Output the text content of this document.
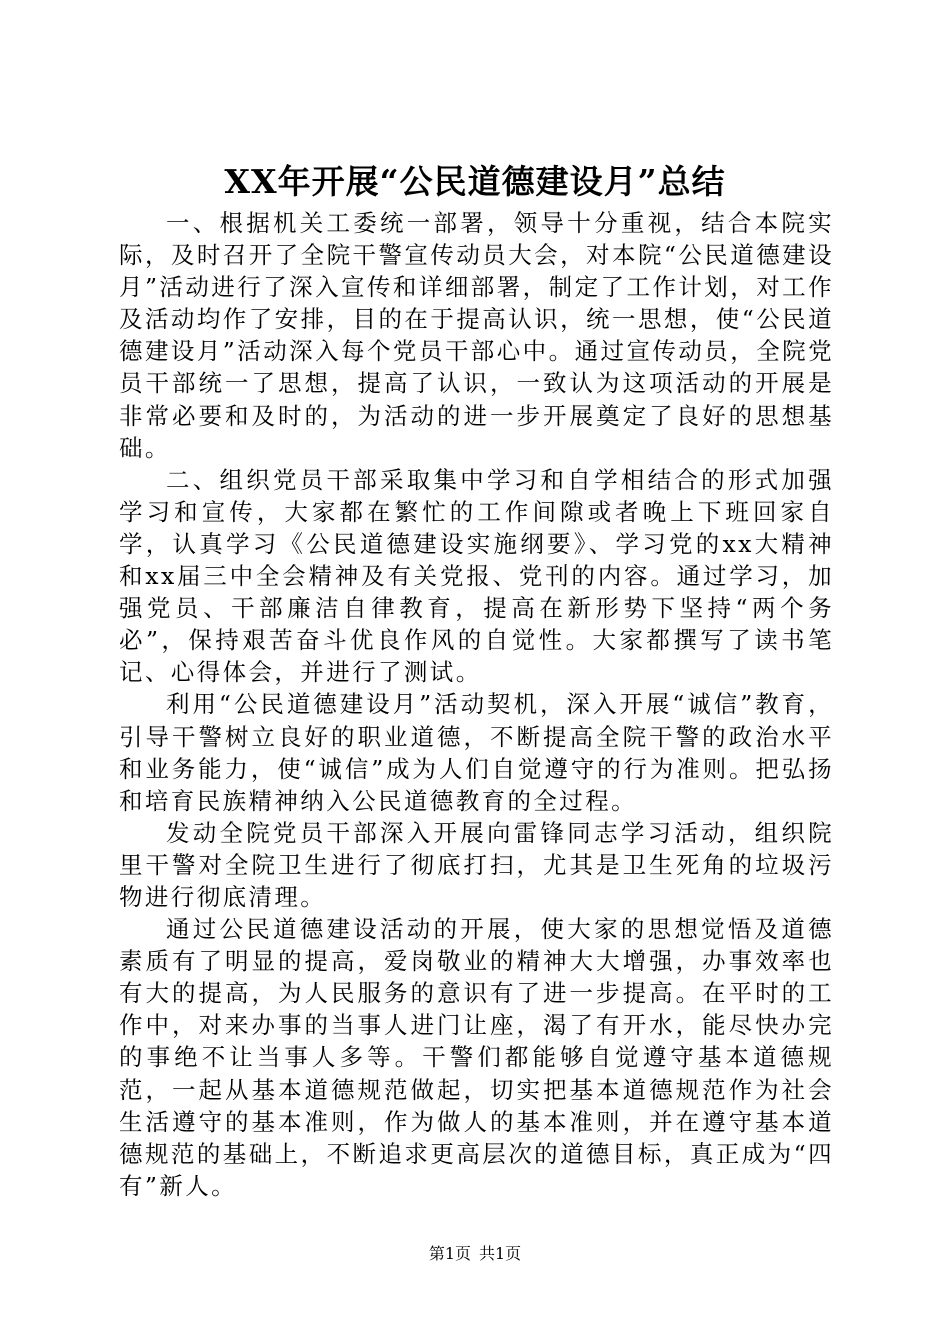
XX年开展“公民道德建设月”总结

一、根据机关工委统一部署，领导十分重视，结合本院实际，及时召开了全院干警宣传动员大会，对本院“公民道德建设月”活动进行了深入宣传和详细部署，制定了工作计划，对工作及活动均作了安排，目的在于提高认识，统一思想，使“公民道德建设月”活动深入每个党员干部心中。通过宣传动员，全院党员干部统一了思想，提高了认识，一致认为这项活动的开展是非常必要和及时的，为活动的进一步开展奠定了良好的思想基础。

二、组织党员干部采取集中学习和自学相结合的形式加强学习和宣传，大家都在繁忙的工作间隙或者晚上下班回家自学，认真学习《公民道德建设实施纲要》、学习党的xx大精神和xx届三中全会精神及有关党报、党刊的内容。通过学习，加强党员、干部廉洁自律教育，提高在新形势下坚持“两个务必”，保持艰苦奋斗优良作风的自觉性。大家都撰写了读书笔记、心得体会，并进行了测试。

利用“公民道德建设月”活动契机，深入开展“诚信”教育，引导干警树立良好的职业道德，不断提高全院干警的政治水平和业务能力，使“诚信”成为人们自觉遵守的行为准则。把弘扬和培育民族精神纳入公民道德教育的全过程。

发动全院党员干部深入开展向雷锋同志学习活动，组织院里干警对全院卫生进行了彻底打扫，尤其是卫生死角的垃圾污物进行彻底清理。

通过公民道德建设活动的开展，使大家的思想觉悟及道德素质有了明显的提高，爱岗敬业的精神大大增强，办事效率也有大的提高，为人民服务的意识有了进一步提高。在平时的工作中，对来办事的当事人进门让座，渴了有开水，能尽快办完的事绝不让当事人多等。干警们都能够自觉遵守基本道德规范，一起从基本道德规范做起，切实把基本道德规范作为社会生活遵守的基本准则，作为做人的基本准则，并在遵守基本道德规范的基础上，不断追求更高层次的道德目标，真正成为“四有”新人。

第1页 共1页
